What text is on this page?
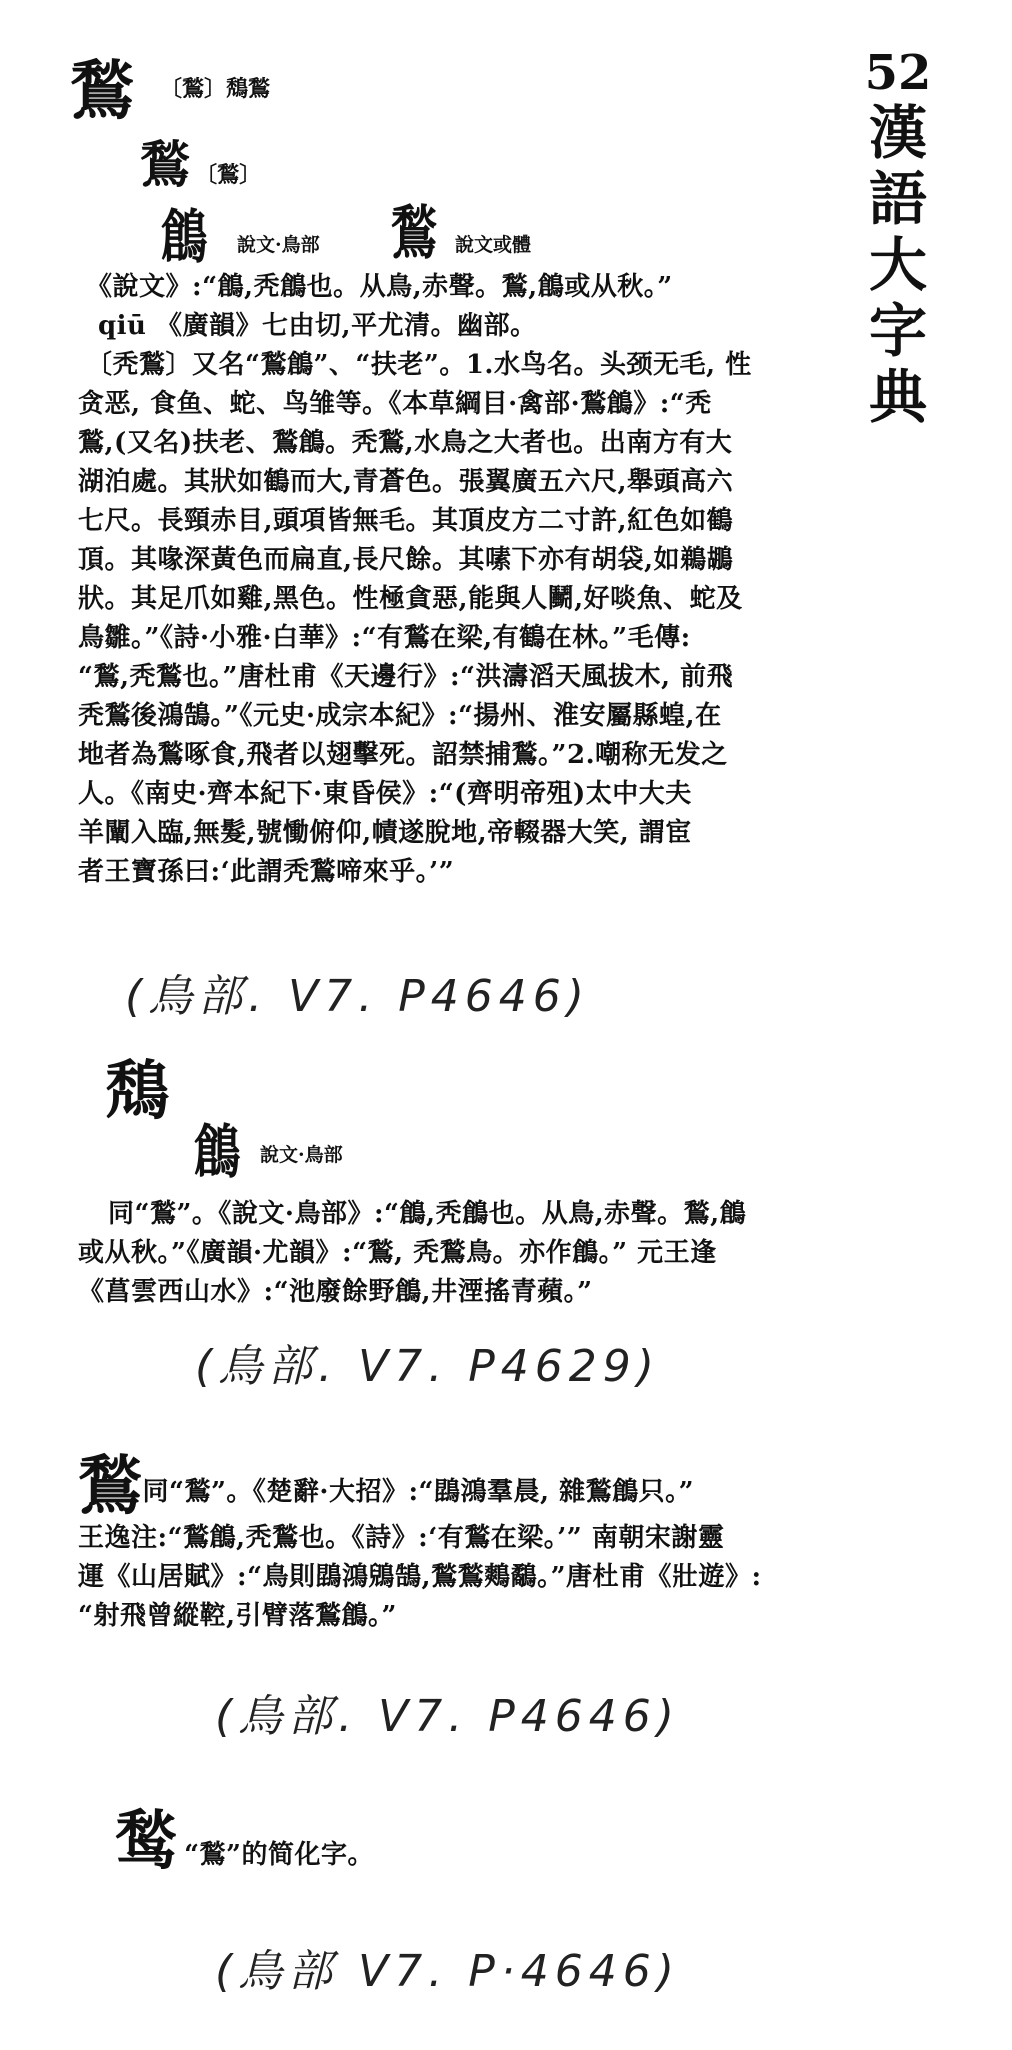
52
漢
語
大
字
典
鶖 〔鶖〕鵚鶖
鶖 〔鶖〕
鶬 說文·鳥部 鶖 說文或體
《說文》:“鶬,秃鶬也。从鳥,赤聲。鶖,鶬或从秋。”
qiū 《廣韻》七由切,平尤清。幽部。
〔秃鶖〕又名“鶖鶬”、“扶老”。1.水鸟名。头颈无毛, 性
贪恶, 食鱼、蛇、鸟雏等。《本草綱目·禽部·鶖鶬》:“秃
鶖,(又名)扶老、鶖鶬。秃鶖,水鳥之大者也。出南方有大
湖泊處。其狀如鶴而大,青蒼色。張翼廣五六尺,舉頭高六
七尺。長頸赤目,頭項皆無毛。其頂皮方二寸許,紅色如鶴
頂。其喙深黃色而扁直,長尺餘。其嗉下亦有胡袋,如鵜鶘
狀。其足爪如雞,黑色。性極貪惡,能與人鬭,好啖魚、蛇及
鳥雛。”《詩·小雅·白華》:“有鶖在梁,有鶴在林。”毛傳:
“鶖,秃鶖也。”唐杜甫《天邊行》:“洪濤滔天風拔木, 前飛
秃鶖後鴻鵠。”《元史·成宗本紀》:“揚州、淮安屬縣蝗,在
地者為鶖啄食,飛者以翅擊死。詔禁捕鶖。”2.嘲称无发之
人。《南史·齊本紀下·東昏侯》:“(齊明帝殂)太中大夫
羊闡入臨,無髮,號慟俯仰,幘遂脫地,帝輟器大笑, 謂宦
者王寶孫曰:‘此謂秃鶖啼來乎。’”
(鳥部. V7. P4646)
鵚
鶬 說文·鳥部
同“鶖”。《說文·鳥部》:“鶬,秃鶬也。从鳥,赤聲。鶖,鶬
或从秋。”《廣韻·尤韻》:“鶖, 秃鶖鳥。亦作鶬。” 元王逢
《菖雲西山水》:“池廢餘野鶬,井湮搖青蘋。”
(鳥部. V7. P4629)
鶖同“鶖”。《楚辭·大招》:“鵾鴻羣晨, 雜鶖鶬只。”
王逸注:“鶖鶬,秃鶖也。《詩》:‘有鶖在梁。’” 南朝宋謝靈
運《山居賦》:“鳥則鵾鴻鶂鵠,鶖鶖鷞鷸。”唐杜甫《壯遊》:
“射飛曾縱鞚,引臂落鶖鶬。”
(鳥部. V7. P4646)
鹙 “鶖”的简化字。
(鳥部 V7. P·4646)
